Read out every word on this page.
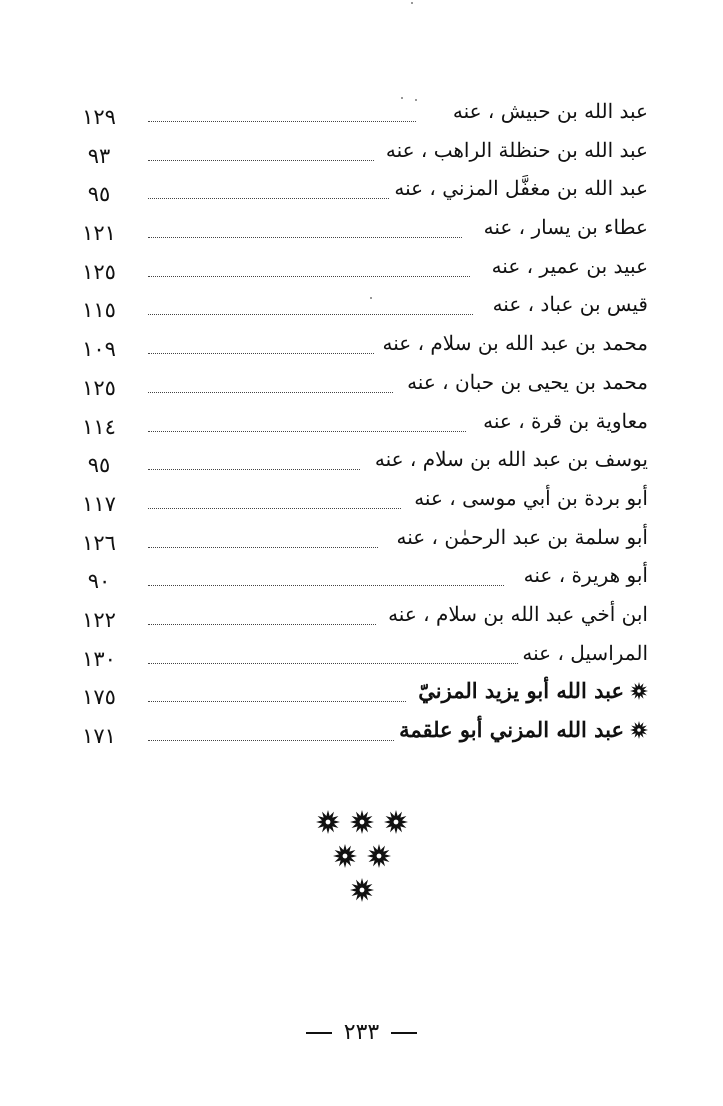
عبد الله بن حبيش ، عنه
١٢٩
عبد الله بن حنظلة الراهب ، عنه
٩٣
عبد الله بن مغفَّل المزني ، عنه
٩٥
عطاء بن يسار ، عنه
١٢١
عبيد بن عمير ، عنه
١٢٥
قيس بن عباد ، عنه
١١٥
محمد بن عبد الله بن سلام ، عنه
١٠٩
محمد بن يحيى بن حبان ، عنه
١٢٥
معاوية بن قرة ، عنه
١١٤
يوسف بن عبد الله بن سلام ، عنه
٩٥
أبو بردة بن أبي موسى ، عنه
١١٧
أبو سلمة بن عبد الرحمٰن ، عنه
١٢٦
أبو هريرة ، عنه
٩٠
ابن أخي عبد الله بن سلام ، عنه
١٢٢
المراسيل ، عنه
١٣٠
عبد الله أبو يزيد المزنيّ
١٧٥
عبد الله المزني أبو علقمة
١٧١
٢٣٣
